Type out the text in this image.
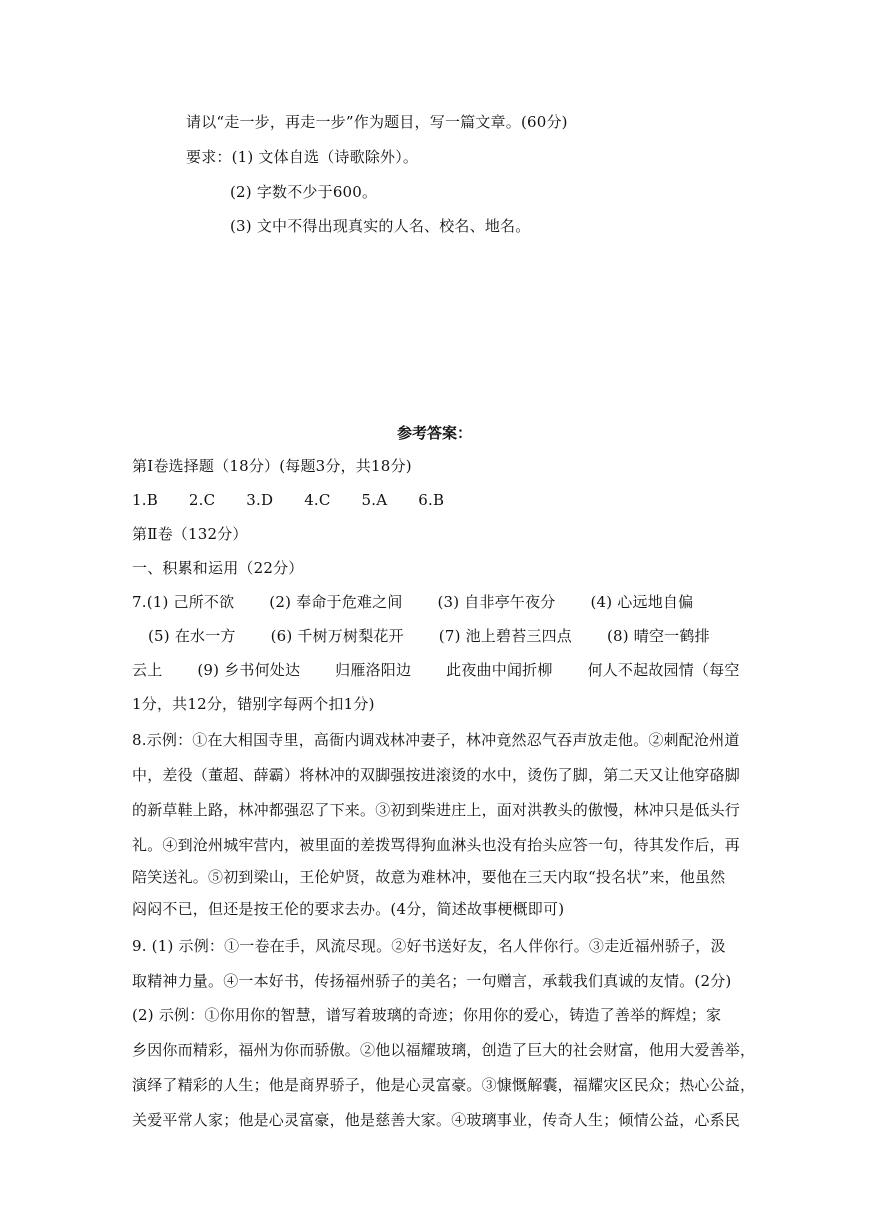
请以“走一步，再走一步”作为题目，写一篇文章。(60分)
要求：(1) 文体自选（诗歌除外）。
(2) 字数不少于600。
(3) 文中不得出现真实的人名、校名、地名。
参考答案：
第Ⅰ卷选择题（18分）(每题3分，共18分)
1.B 2.C 3.D 4.C 5.A 6.B
第Ⅱ卷（132分）
一、积累和运用（22分）
7.(1) 己所不欲 (2) 奉命于危难之间 (3) 自非亭午夜分 (4) 心远地自偏
(5) 在水一方 (6) 千树万树梨花开 (7) 池上碧苔三四点 (8) 晴空一鹤排
云上 (9) 乡书何处达 归雁洛阳边 此夜曲中闻折柳 何人不起故园情（每空
1分，共12分，错别字每两个扣1分)
8.示例：①在大相国寺里，高衙内调戏林冲妻子，林冲竟然忍气吞声放走他。②刺配沧州道
中，差役（董超、薛霸）将林冲的双脚强按进滚烫的水中，烫伤了脚，第二天又让他穿硌脚
的新草鞋上路，林冲都强忍了下来。③初到柴进庄上，面对洪教头的傲慢，林冲只是低头行
礼。④到沧州城牢营内，被里面的差拨骂得狗血淋头也没有抬头应答一句，待其发作后，再
陪笑送礼。⑤初到梁山，王伦妒贤，故意为难林冲，要他在三天内取“投名状”来，他虽然
闷闷不已，但还是按王伦的要求去办。(4分，简述故事梗概即可)
9. (1) 示例：①一卷在手，风流尽现。②好书送好友，名人伴你行。③走近福州骄子，汲
取精神力量。④一本好书，传扬福州骄子的美名；一句赠言，承载我们真诚的友情。(2分)
(2) 示例：①你用你的智慧，谱写着玻璃的奇迹；你用你的爱心，铸造了善举的辉煌；家
乡因你而精彩，福州为你而骄傲。②他以福耀玻璃，创造了巨大的社会财富，他用大爱善举，
演绎了精彩的人生；他是商界骄子，他是心灵富豪。③慷慨解囊，福耀灾区民众；热心公益，
关爱平常人家；他是心灵富豪，他是慈善大家。④玻璃事业，传奇人生；倾情公益，心系民
